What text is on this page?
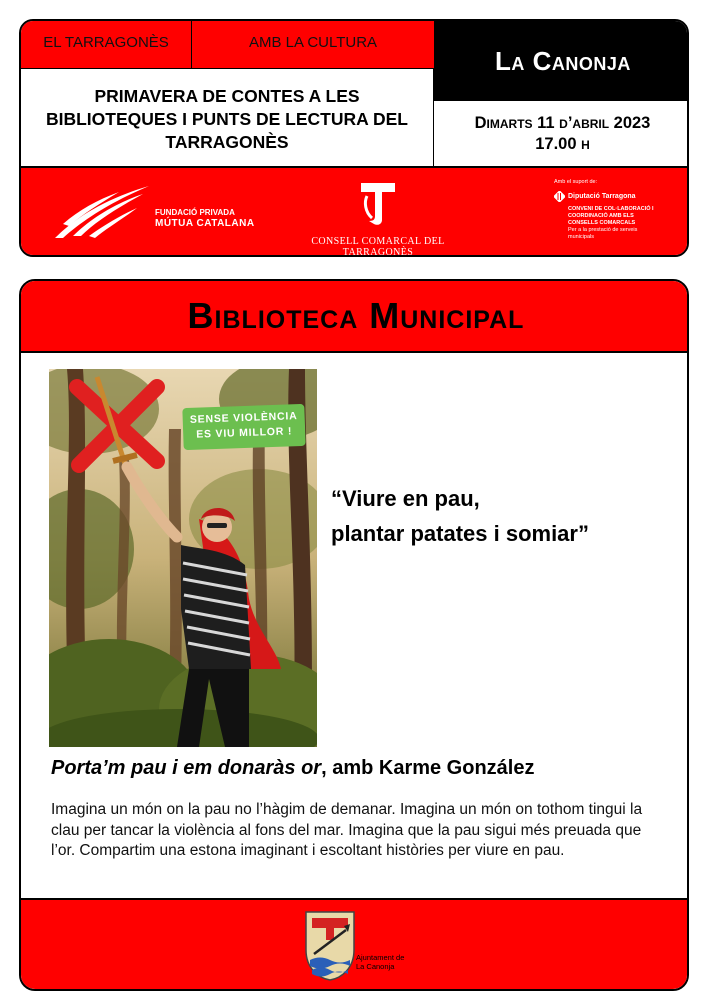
EL TARRAGONÈS	AMB LA CULTURA
La Canonja
PRIMAVERA DE CONTES A LES BIBLIOTEQUES I PUNTS DE LECTURA DEL TARRAGONÈS
Dimarts 11 d’abril 2023
17.00 h
FUNDACIÓ PRIVADA
MÚTUA CATALANA
CONSELL COMARCAL DEL TARRAGONÈS
Amb el suport de:
Diputació Tarragona
CONVENI DE COL·LABORACIÓ I COORDINACIÓ AMB ELS CONSELLS COMARCALS
Per a la prestació de serveis municipals
Biblioteca Municipal
SENSE VIOLÈNCIA ES VIU MILLOR !
“Viure en pau,
plantar patates i somiar”
Porta’m pau i em donaràs or, amb Karme González
Imagina un món on la pau no l’hàgim de demanar. Imagina un món on tothom tingui la clau per tancar la violència al fons del mar. Imagina que la pau sigui més preuada que l’or. Compartim una estona imaginant i escoltant històries per viure en pau.
Ajuntament de
La Canonja
